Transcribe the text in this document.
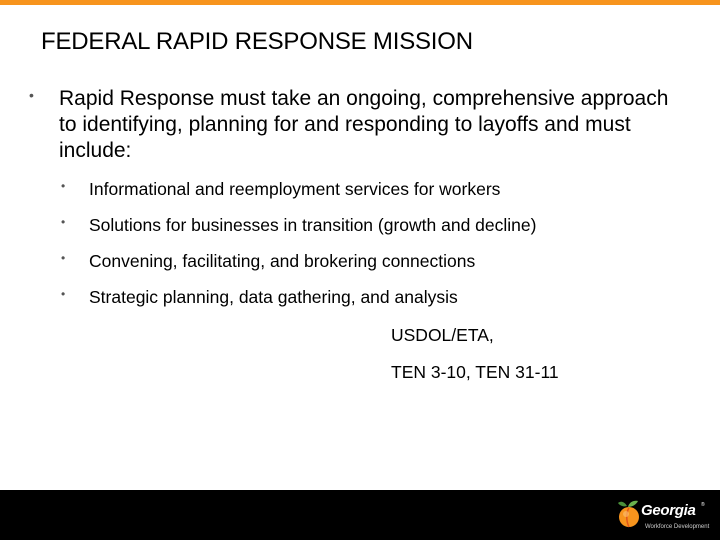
FEDERAL RAPID RESPONSE MISSION
• Rapid Response must take an ongoing, comprehensive approach to identifying, planning for and responding to layoffs and must include:
• Informational and reemployment services for workers
• Solutions for businesses in transition (growth and decline)
• Convening, facilitating, and brokering connections
• Strategic planning, data gathering, and analysis
USDOL/ETA,
TEN 3-10, TEN 31-11
Georgia ®
Workforce Development
